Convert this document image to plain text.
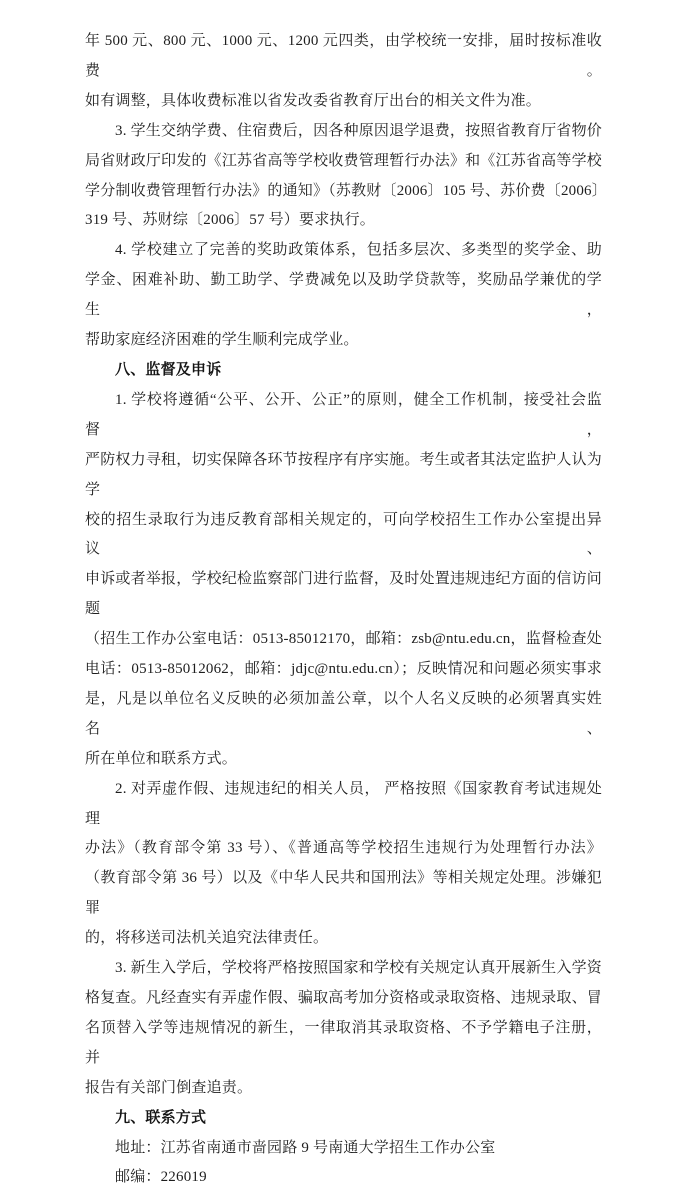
年 500 元、800 元、1000 元、1200 元四类，由学校统一安排，届时按标准收费。
如有调整，具体收费标准以省发改委省教育厅出台的相关文件为准。
3. 学生交纳学费、住宿费后，因各种原因退学退费，按照省教育厅省物价
局省财政厅印发的《江苏省高等学校收费管理暂行办法》和《江苏省高等学校
学分制收费管理暂行办法》的通知》（苏教财〔2006〕105 号、苏价费〔2006〕
319 号、苏财综〔2006〕57 号）要求执行。
4. 学校建立了完善的奖助政策体系，包括多层次、多类型的奖学金、助
学金、困难补助、勤工助学、学费减免以及助学贷款等，奖励品学兼优的学生，
帮助家庭经济困难的学生顺利完成学业。
八、监督及申诉
1. 学校将遵循“公平、公开、公正”的原则，健全工作机制，接受社会监督，
严防权力寻租，切实保障各环节按程序有序实施。考生或者其法定监护人认为学
校的招生录取行为违反教育部相关规定的，可向学校招生工作办公室提出异议、
申诉或者举报，学校纪检监察部门进行监督，及时处置违规违纪方面的信访问题
（招生工作办公室电话：0513-85012170，邮箱：zsb@ntu.edu.cn，监督检查处
电话：0513-85012062，邮箱：jdjc@ntu.edu.cn）；反映情况和问题必须实事求
是，凡是以单位名义反映的必须加盖公章，以个人名义反映的必须署真实姓名、
所在单位和联系方式。
2. 对弄虚作假、违规违纪的相关人员， 严格按照《国家教育考试违规处理
办法》（教育部令第 33 号）、《普通高等学校招生违规行为处理暂行办法》
（教育部令第 36 号）以及《中华人民共和国刑法》等相关规定处理。涉嫌犯罪
的，将移送司法机关追究法律责任。
3. 新生入学后，学校将严格按照国家和学校有关规定认真开展新生入学资
格复查。凡经查实有弄虚作假、骗取高考加分资格或录取资格、违规录取、冒
名顶替入学等违规情况的新生，一律取消其录取资格、不予学籍电子注册， 并
报告有关部门倒查追责。
九、联系方式
地址：江苏省南通市啬园路 9 号南通大学招生工作办公室
邮编：226019
